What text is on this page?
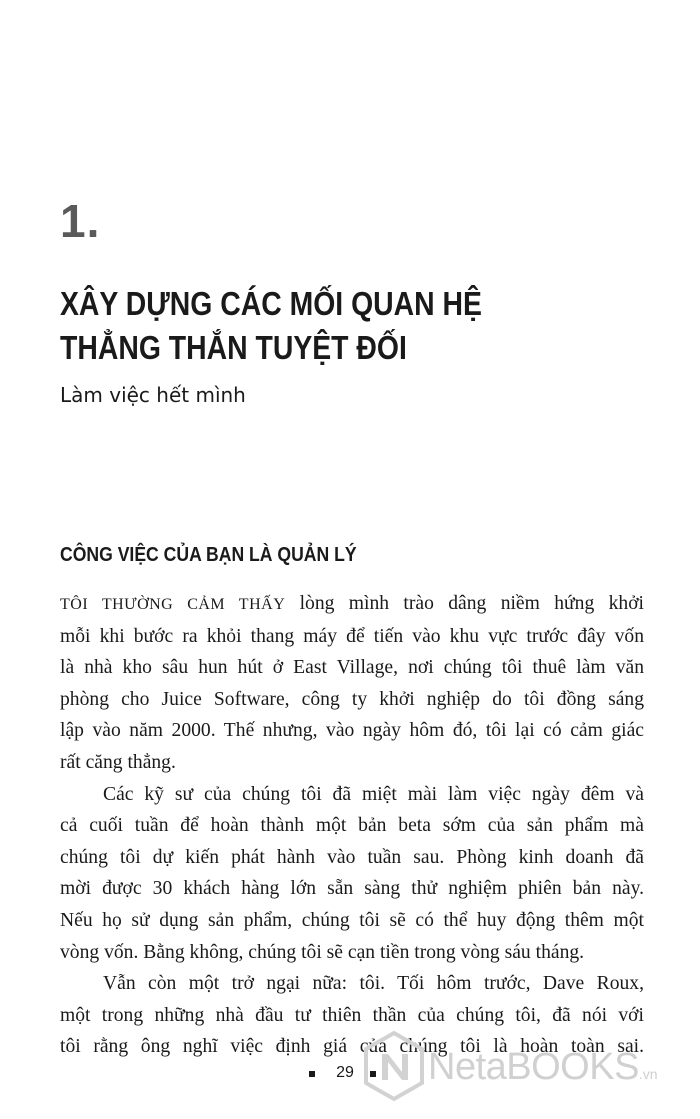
1.
XÂY DỰNG CÁC MỐI QUAN HỆ
THẲNG THẮN TUYỆT ĐỐI
Làm việc hết mình
CÔNG VIỆC CỦA BẠN LÀ QUẢN LÝ

TÔI THƯỜNG CẢM THẤY lòng mình trào dâng niềm hứng khởi
mỗi khi bước ra khỏi thang máy để tiến vào khu vực trước đây vốn
là nhà kho sâu hun hút ở East Village, nơi chúng tôi thuê làm văn
phòng cho Juice Software, công ty khởi nghiệp do tôi đồng sáng
lập vào năm 2000. Thế nhưng, vào ngày hôm đó, tôi lại có cảm giác
rất căng thẳng.

Các kỹ sư của chúng tôi đã miệt mài làm việc ngày đêm và
cả cuối tuần để hoàn thành một bản beta sớm của sản phẩm mà
chúng tôi dự kiến phát hành vào tuần sau. Phòng kinh doanh đã
mời được 30 khách hàng lớn sẵn sàng thử nghiệm phiên bản này.
Nếu họ sử dụng sản phẩm, chúng tôi sẽ có thể huy động thêm một
vòng vốn. Bằng không, chúng tôi sẽ cạn tiền trong vòng sáu tháng.

Vẫn còn một trở ngại nữa: tôi. Tối hôm trước, Dave Roux,
một trong những nhà đầu tư thiên thần của chúng tôi, đã nói với
tôi rằng ông nghĩ việc định giá của chúng tôi là hoàn toàn sai.

29 NetaBOOKS.vn
